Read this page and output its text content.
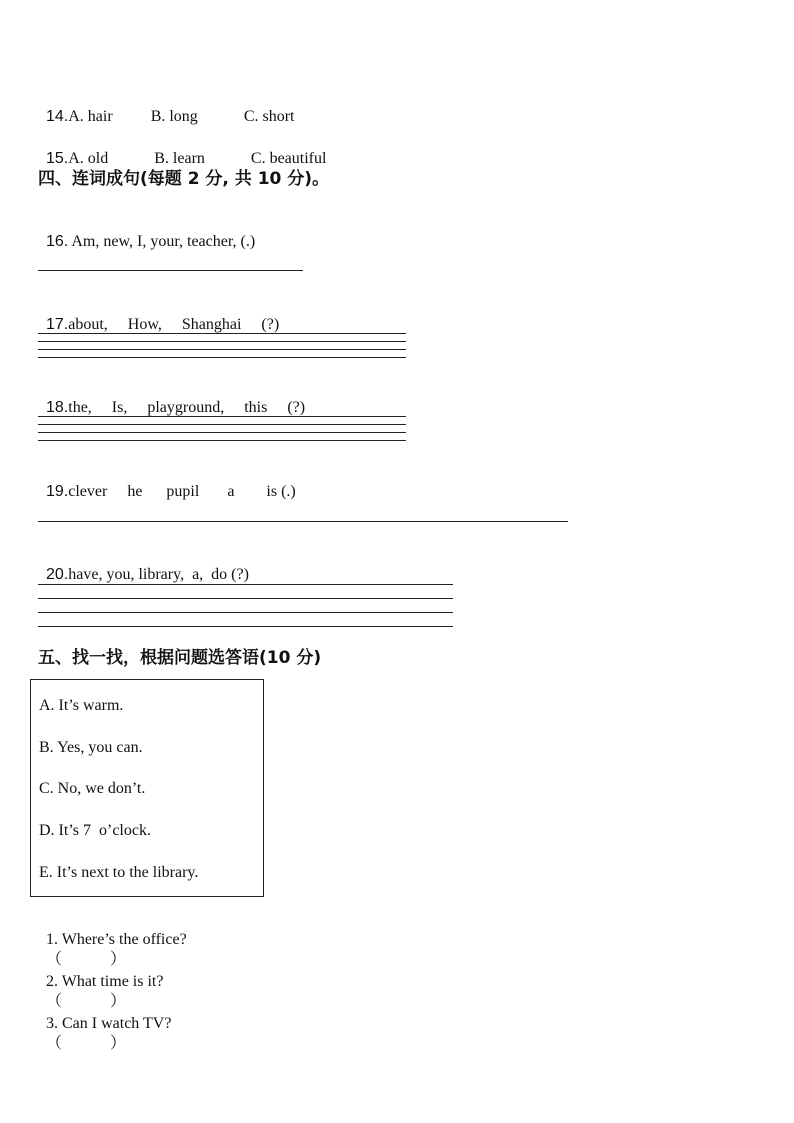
14.A. hair B. long	C. short

15.A. old	B. learn	C. beautiful

四、连词成句(每题 2 分, 共 10 分)。

16. Am, new, I, your, teacher, (.)

17.about,     How,     Shanghai     (?)

18.the,     Is,     playground,     this     (?)

19.clever     he      pupil       a        is (.)

20.have, you, library,  a,  do (?)

五、找一找，根据问题选答语(10 分)
A. It’s warm.
B. Yes, you can.
C. No, we don’t.
D. It’s 7  o’clock.
E. It’s next to the library.

1. Where’s the office?
（	）

2. What time is it?
（	）

3. Can I watch TV?
（	）
